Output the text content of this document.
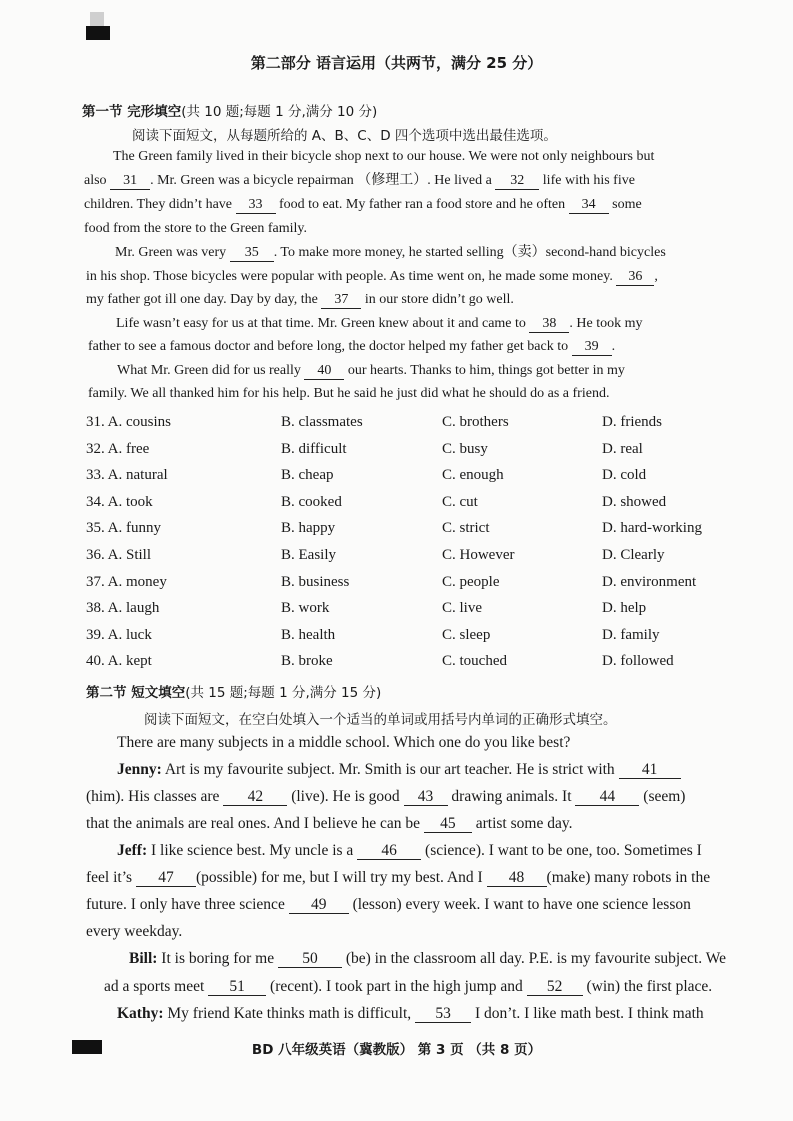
第二部分 语言运用（共两节，满分 25 分）
第一节 完形填空(共 10 题;每题 1 分,满分 10 分)
阅读下面短文，从每题所给的 A、B、C、D 四个选项中选出最佳选项。
The Green family lived in their bicycle shop next to our house. We were not only neighbours but
also 31 . Mr. Green was a bicycle repairman （修理工）. He lived a 32 life with his five
children. They didn’t have 33 food to eat. My father ran a food store and he often 34 some
food from the store to the Green family.
Mr. Green was very 35 . To make more money, he started selling（卖）second-hand bicycles
in his shop. Those bicycles were popular with people. As time went on, he made some money. 36 ,
my father got ill one day. Day by day, the 37 in our store didn’t go well.
Life wasn’t easy for us at that time. Mr. Green knew about it and came to 38 . He took my
father to see a famous doctor and before long, the doctor helped my father get back to 39 .
What Mr. Green did for us really 40 our hearts. Thanks to him, things got better in my
family. We all thanked him for his help. But he said he just did what he should do as a friend.
31. A. cousins	B. classmates	C. brothers	D. friends
32. A. free	B. difficult	C. busy	D. real
33. A. natural	B. cheap	C. enough	D. cold
34. A. took	B. cooked	C. cut	D. showed
35. A. funny	B. happy	C. strict	D. hard-working
36. A. Still	B. Easily	C. However	D. Clearly
37. A. money	B. business	C. people	D. environment
38. A. laugh	B. work	C. live	D. help
39. A. luck	B. health	C. sleep	D. family
40. A. kept	B. broke	C. touched	D. followed
第二节 短文填空(共 15 题;每题 1 分,满分 15 分)
阅读下面短文，在空白处填入一个适当的单词或用括号内单词的正确形式填空。
There are many subjects in a middle school. Which one do you like best?
Jenny: Art is my favourite subject. Mr. Smith is our art teacher. He is strict with 41
(him). His classes are 42 (live). He is good 43 drawing animals. It 44 (seem)
that the animals are real ones. And I believe he can be 45 artist some day.
Jeff: I like science best. My uncle is a 46 (science). I want to be one, too. Sometimes I
feel it’s 47 (possible) for me, but I will try my best. And I 48 (make) many robots in the
future. I only have three science 49 (lesson) every week. I want to have one science lesson
every weekday.
Bill: It is boring for me 50 (be) in the classroom all day. P.E. is my favourite subject. We
ad a sports meet 51 (recent). I took part in the high jump and 52 (win) the first place.
Kathy: My friend Kate thinks math is difficult, 53 I don’t. I like math best. I think math
BD 八年级英语（冀教版） 第 3 页 （共 8 页）
